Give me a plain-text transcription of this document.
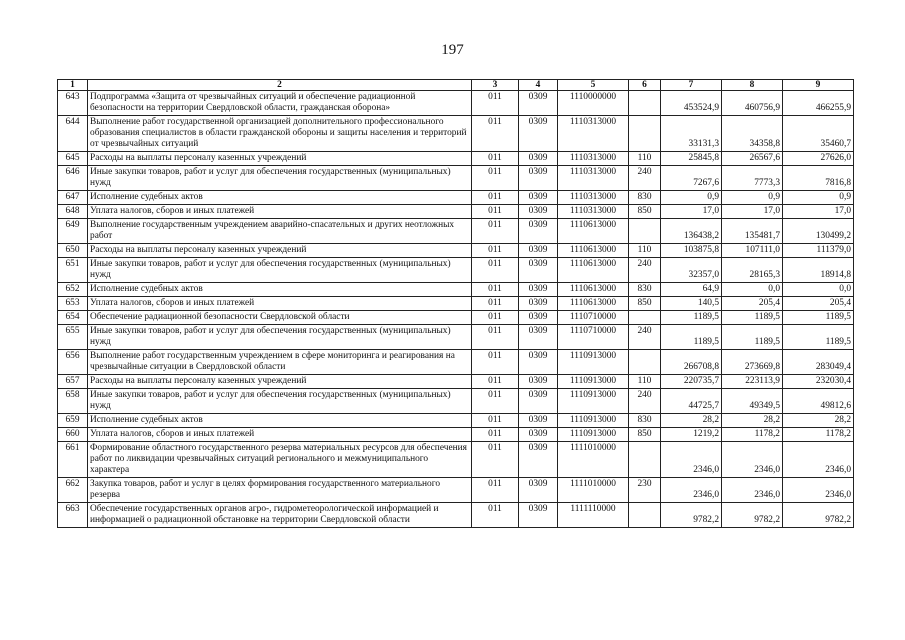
197
1	2	3	4	5	6	7	8	9
643	Подпрограмма «Защита от чрезвычайных ситуаций и обеспечение радиационной безопасности на территории Свердловской области, гражданская оборона»	011	0309	1110000000		453524,9	460756,9	466255,9
644	Выполнение работ государственной организацией дополнительного профессионального образования специалистов в области гражданской обороны и защиты населения и территорий от чрезвычайных ситуаций	011	0309	1110313000		33131,3	34358,8	35460,7
645	Расходы на выплаты персоналу казенных учреждений	011	0309	1110313000	110	25845,8	26567,6	27626,0
646	Иные закупки товаров, работ и услуг для обеспечения государственных (муниципальных) нужд	011	0309	1110313000	240	7267,6	7773,3	7816,8
647	Исполнение судебных актов	011	0309	1110313000	830	0,9	0,9	0,9
648	Уплата налогов, сборов и иных платежей	011	0309	1110313000	850	17,0	17,0	17,0
649	Выполнение государственным учреждением аварийно-спасательных и других неотложных работ	011	0309	1110613000		136438,2	135481,7	130499,2
650	Расходы на выплаты персоналу казенных учреждений	011	0309	1110613000	110	103875,8	107111,0	111379,0
651	Иные закупки товаров, работ и услуг для обеспечения государственных (муниципальных) нужд	011	0309	1110613000	240	32357,0	28165,3	18914,8
652	Исполнение судебных актов	011	0309	1110613000	830	64,9	0,0	0,0
653	Уплата налогов, сборов и иных платежей	011	0309	1110613000	850	140,5	205,4	205,4
654	Обеспечение радиационной безопасности Свердловской области	011	0309	1110710000		1189,5	1189,5	1189,5
655	Иные закупки товаров, работ и услуг для обеспечения государственных (муниципальных) нужд	011	0309	1110710000	240	1189,5	1189,5	1189,5
656	Выполнение работ государственным учреждением в сфере мониторинга и реагирования на чрезвычайные ситуации в Свердловской области	011	0309	1110913000		266708,8	273669,8	283049,4
657	Расходы на выплаты персоналу казенных учреждений	011	0309	1110913000	110	220735,7	223113,9	232030,4
658	Иные закупки товаров, работ и услуг для обеспечения государственных (муниципальных) нужд	011	0309	1110913000	240	44725,7	49349,5	49812,6
659	Исполнение судебных актов	011	0309	1110913000	830	28,2	28,2	28,2
660	Уплата налогов, сборов и иных платежей	011	0309	1110913000	850	1219,2	1178,2	1178,2
661	Формирование областного государственного резерва материальных ресурсов для обеспечения работ по ликвидации чрезвычайных ситуаций регионального и межмуниципального характера	011	0309	1111010000		2346,0	2346,0	2346,0
662	Закупка товаров, работ и услуг в целях формирования государственного материального резерва	011	0309	1111010000	230	2346,0	2346,0	2346,0
663	Обеспечение государственных органов агро-, гидрометеорологической информацией и информацией о радиационной обстановке на территории Свердловской области	011	0309	1111110000		9782,2	9782,2	9782,2
